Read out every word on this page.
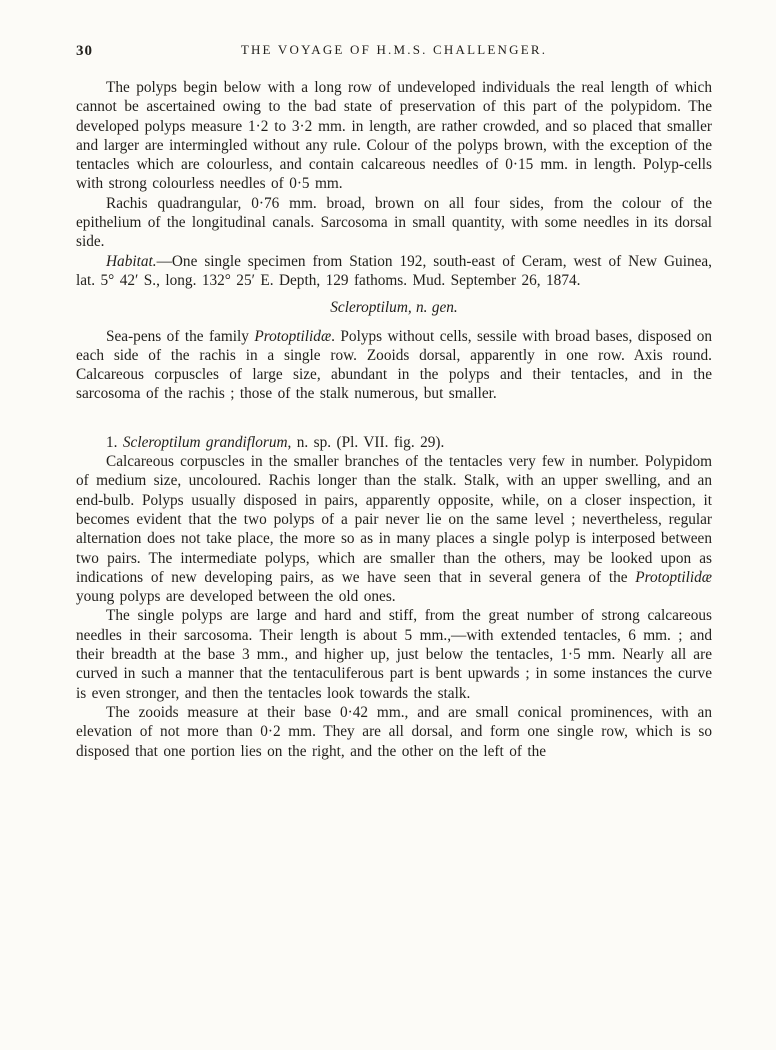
30	THE VOYAGE OF H.M.S. CHALLENGER.

The polyps begin below with a long row of undeveloped individuals the real length of which cannot be ascertained owing to the bad state of preservation of this part of the polypidom. The developed polyps measure 1·2 to 3·2 mm. in length, are rather crowded, and so placed that smaller and larger are intermingled without any rule. Colour of the polyps brown, with the exception of the tentacles which are colourless, and contain calcareous needles of 0·15 mm. in length. Polyp-cells with strong colourless needles of 0·5 mm.

Rachis quadrangular, 0·76 mm. broad, brown on all four sides, from the colour of the epithelium of the longitudinal canals. Sarcosoma in small quantity, with some needles in its dorsal side.

Habitat.—One single specimen from Station 192, south-east of Ceram, west of New Guinea, lat. 5° 42′ S., long. 132° 25′ E. Depth, 129 fathoms. Mud. September 26, 1874.

Scleroptilum, n. gen.

Sea-pens of the family Protoptilidæ. Polyps without cells, sessile with broad bases, disposed on each side of the rachis in a single row. Zooids dorsal, apparently in one row. Axis round. Calcareous corpuscles of large size, abundant in the polyps and their tentacles, and in the sarcosoma of the rachis ; those of the stalk numerous, but smaller.

1. Scleroptilum grandiflorum, n. sp. (Pl. VII. fig. 29).

Calcareous corpuscles in the smaller branches of the tentacles very few in number. Polypidom of medium size, uncoloured. Rachis longer than the stalk. Stalk, with an upper swelling, and an end-bulb. Polyps usually disposed in pairs, apparently opposite, while, on a closer inspection, it becomes evident that the two polyps of a pair never lie on the same level ; nevertheless, regular alternation does not take place, the more so as in many places a single polyp is interposed between two pairs. The intermediate polyps, which are smaller than the others, may be looked upon as indications of new developing pairs, as we have seen that in several genera of the Protoptilidæ young polyps are developed between the old ones.

The single polyps are large and hard and stiff, from the great number of strong calcareous needles in their sarcosoma. Their length is about 5 mm.,—with extended tentacles, 6 mm. ; and their breadth at the base 3 mm., and higher up, just below the tentacles, 1·5 mm. Nearly all are curved in such a manner that the tentaculiferous part is bent upwards ; in some instances the curve is even stronger, and then the tentacles look towards the stalk.

The zooids measure at their base 0·42 mm., and are small conical prominences, with an elevation of not more than 0·2 mm. They are all dorsal, and form one single row, which is so disposed that one portion lies on the right, and the other on the left of the
